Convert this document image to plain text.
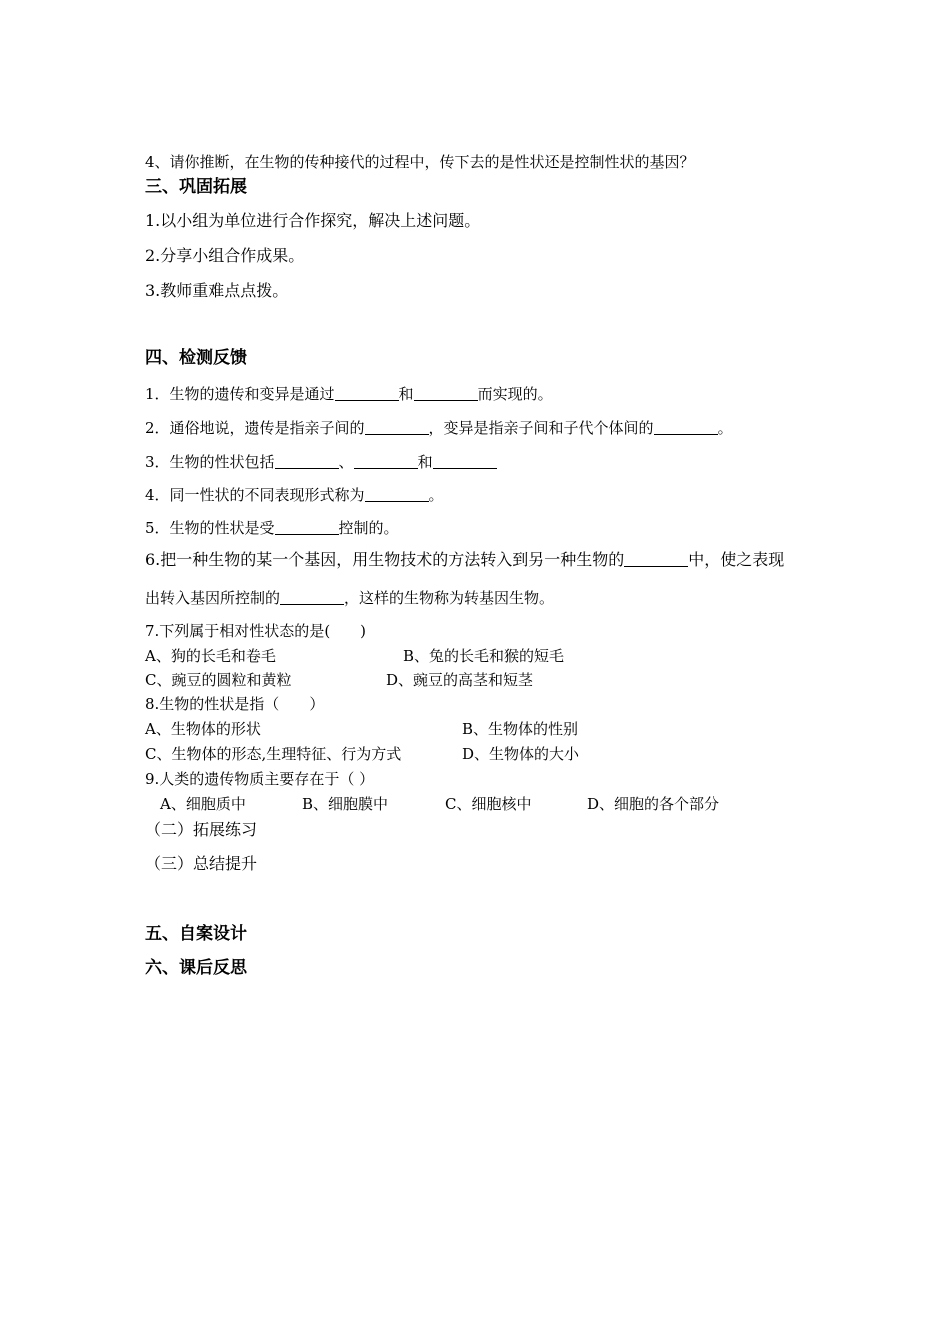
4、请你推断，在生物的传种接代的过程中，传下去的是性状还是控制性状的基因？
三、巩固拓展
1.以小组为单位进行合作探究，解决上述问题。
2.分享小组合作成果。
3.教师重难点点拨。
四、检测反馈
1．生物的遗传和变异是通过	和	而实现的。
2．通俗地说，遗传是指亲子间的	，变异是指亲子间和子代个体间的	。
3．生物的性状包括	、	和
4．同一性状的不同表现形式称为	。
5．生物的性状是受	控制的。
6.把一种生物的某一个基因，用生物技术的方法转入到另一种生物的	中，使之表现
出转入基因所控制的	，这样的生物称为转基因生物。
7.下列属于相对性状态的是(　　)
A、狗的长毛和卷毛	B、兔的长毛和猴的短毛
C、豌豆的圆粒和黄粒	D、豌豆的高茎和短茎
8.生物的性状是指（　　）
A、生物体的形状	B、生物体的性别
C、生物体的形态,生理特征、行为方式	D、生物体的大小
9.人类的遗传物质主要存在于（ ）
A、细胞质中	B、细胞膜中	C、细胞核中	D、细胞的各个部分
（二）拓展练习
（三）总结提升
五、自案设计
六、课后反思
